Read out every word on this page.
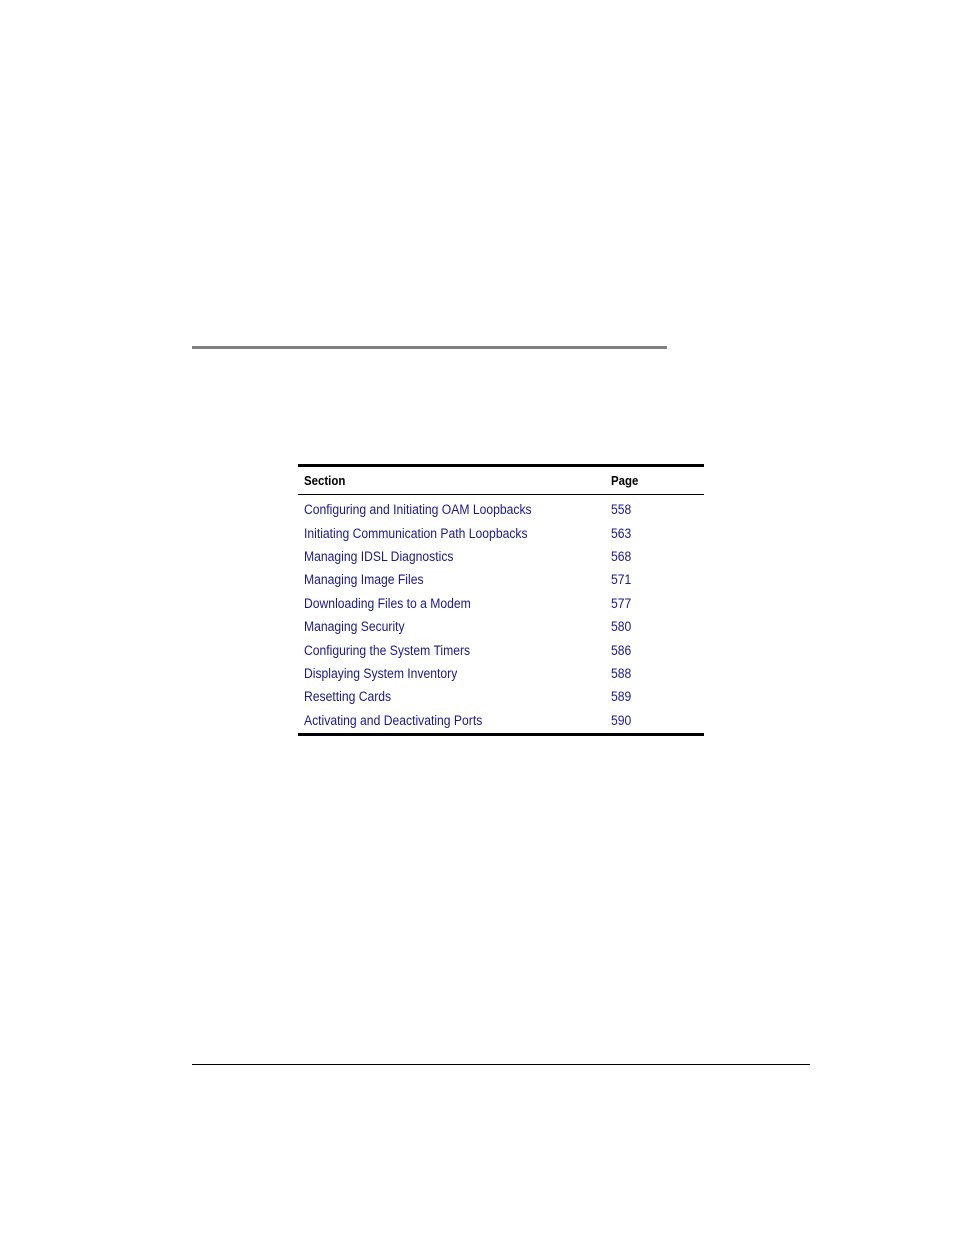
Section	Page
Configuring and Initiating OAM Loopbacks	558
Initiating Communication Path Loopbacks	563
Managing IDSL Diagnostics	568
Managing Image Files	571
Downloading Files to a Modem	577
Managing Security	580
Configuring the System Timers	586
Displaying System Inventory	588
Resetting Cards	589
Activating and Deactivating Ports	590
